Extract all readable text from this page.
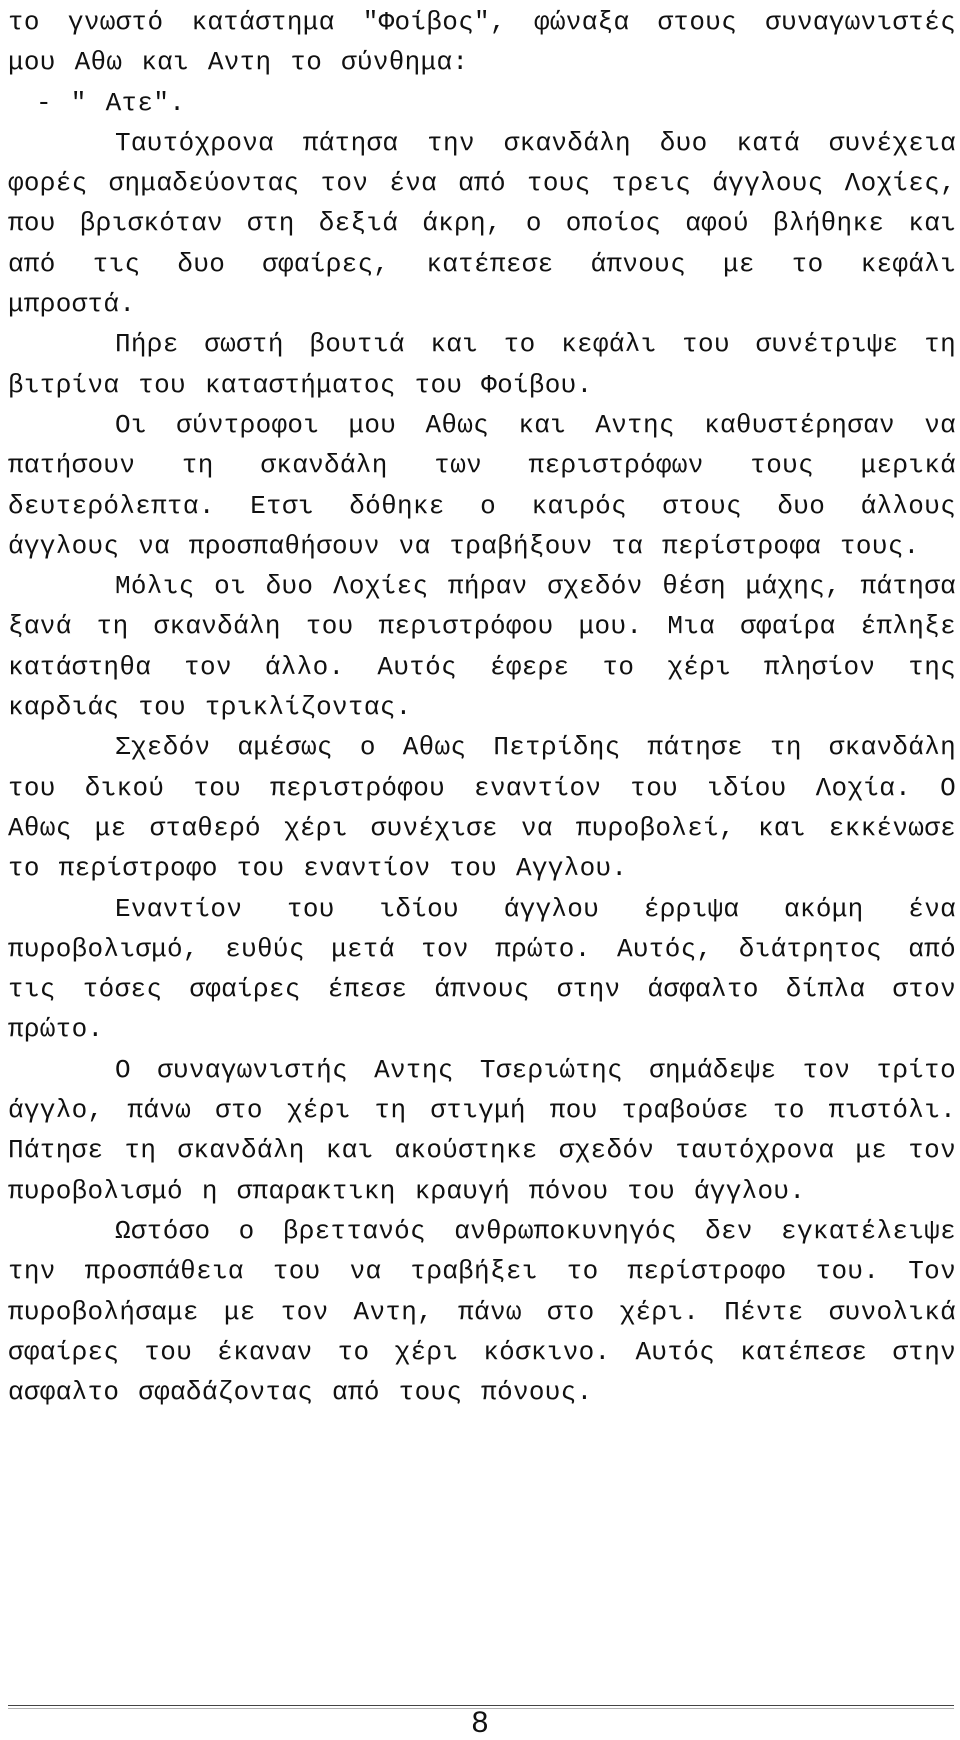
το γνωστό κατάστημα "Φοίβος", φώναξα στους συναγωνιστές μου Αθω και Αντη το σύνθημα:

- " Ατε".

Ταυτόχρονα πάτησα την σκανδάλη δυο κατά συνέχεια φορές σημαδεύοντας τον ένα από τους τρεις άγγλους Λοχίες, που βρισκόταν στη δεξιά άκρη, ο οποίος αφού βλήθηκε και από τις δυο σφαίρες, κατέπεσε άπνους με το κεφάλι μπροστά.

Πήρε σωστή βουτιά και το κεφάλι του συνέτριψε τη βιτρίνα του καταστήματος του Φοίβου.

Οι σύντροφοι μου Αθως και Αντης καθυστέρησαν να πατήσουν τη σκανδάλη των περιστρόφων τους μερικά δευτερόλεπτα. Ετσι δόθηκε ο καιρός στους δυο άλλους άγγλους να προσπαθήσουν να τραβήξουν τα περίστροφα τους.

Μόλις οι δυο Λοχίες πήραν σχεδόν θέση μάχης, πάτησα ξανά τη σκανδάλη του περιστρόφου μου. Μια σφαίρα έπληξε κατάστηθα τον άλλο. Αυτός έφερε το χέρι πλησίον της καρδιάς του τρικλίζοντας.

Σχεδόν αμέσως ο Αθως Πετρίδης πάτησε τη σκανδάλη του δικού του περιστρόφου εναντίον του ιδίου Λοχία. Ο Αθως με σταθερό χέρι συνέχισε να πυροβολεί, και εκκένωσε το περίστροφο του εναντίον του Αγγλου.

Εναντίον του ιδίου άγγλου έρριψα ακόμη ένα πυροβολισμό, ευθύς μετά τον πρώτο. Αυτός, διάτρητος από τις τόσες σφαίρες έπεσε άπνους στην άσφαλτο δίπλα στον πρώτο.

Ο συναγωνιστής Αντης Τσεριώτης σημάδεψε τον τρίτο άγγλο, πάνω στο χέρι τη στιγμή που τραβούσε το πιστόλι. Πάτησε τη σκανδάλη και ακούστηκε σχεδόν ταυτόχρονα με τον πυροβολισμό η σπαρακτικη κραυγή πόνου του άγγλου.

Ωστόσο ο βρεττανός ανθρωποκυνηγός δεν εγκατέλειψε την προσπάθεια του να τραβήξει το περίστροφο του. Τον πυροβολήσαμε με τον Αντη, πάνω στο χέρι. Πέντε συνολικά σφαίρες του έκαναν το χέρι κόσκινο. Αυτός κατέπεσε στην ασφαλτο σφαδάζοντας από τους πόνους.

8
